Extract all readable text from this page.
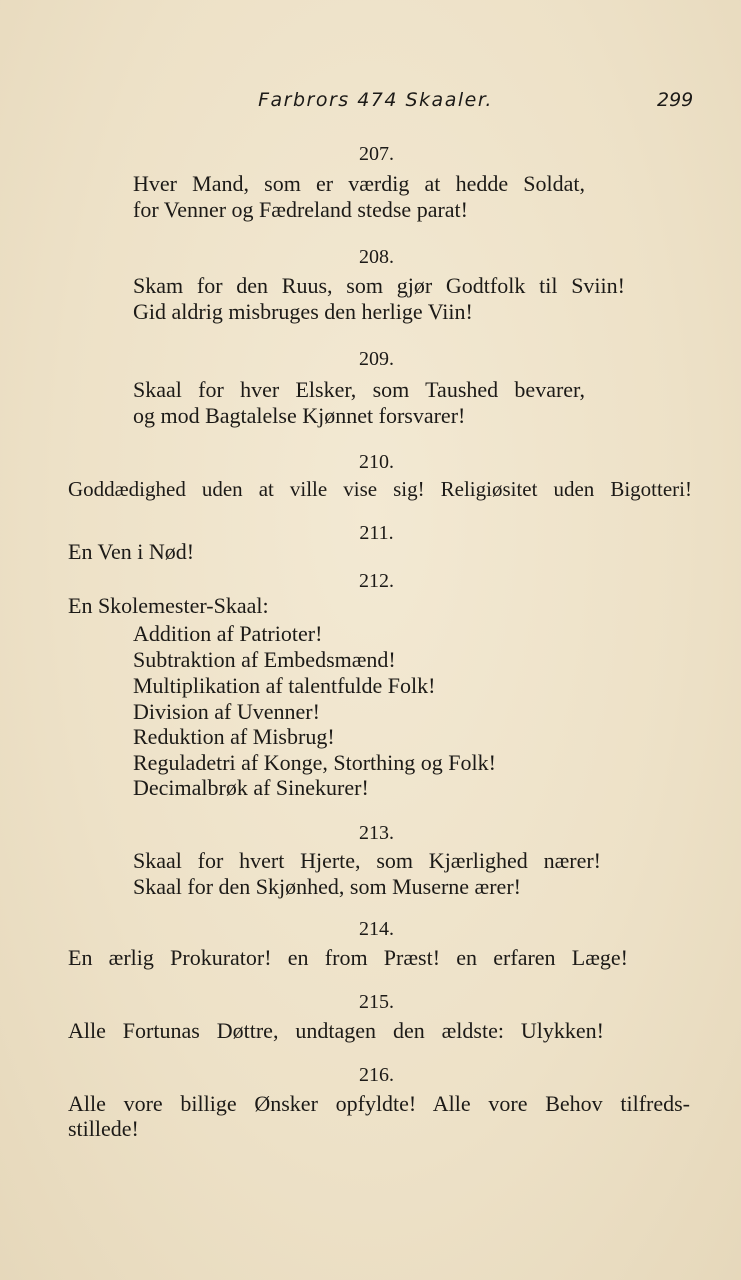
Farbrors 474 Skaaler.	299
207.
Hver Mand, som er værdig at hedde Soldat,
for Venner og Fædreland stedse parat!
208.
Skam for den Ruus, som gjør Godtfolk til Sviin!
Gid aldrig misbruges den herlige Viin!
209.
Skaal for hver Elsker, som Taushed bevarer,
og mod Bagtalelse Kjønnet forsvarer!
210.
Goddædighed uden at ville vise sig! Religiøsitet uden Bigotteri!
211.
En Ven i Nød!
212.
En Skolemester-Skaal:
Addition af Patrioter!
Subtraktion af Embedsmænd!
Multiplikation af talentfulde Folk!
Division af Uvenner!
Reduktion af Misbrug!
Reguladetri af Konge, Storthing og Folk!
Decimalbrøk af Sinekurer!
213.
Skaal for hvert Hjerte, som Kjærlighed nærer!
Skaal for den Skjønhed, som Muserne ærer!
214.
En ærlig Prokurator! en from Præst! en erfaren Læge!
215.
Alle Fortunas Døttre, undtagen den ældste: Ulykken!
216.
Alle vore billige Ønsker opfyldte! Alle vore Behov tilfreds-
stillede!
